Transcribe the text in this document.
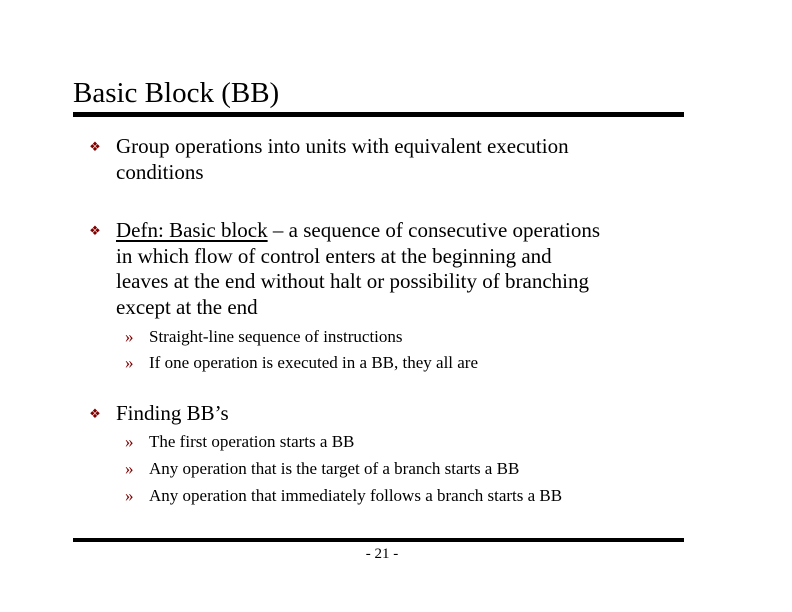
Basic Block (BB)
❖ Group operations into units with equivalent execution
conditions
❖ Defn: Basic block – a sequence of consecutive operations
in which flow of control enters at the beginning and
leaves at the end without halt or possibility of branching
except at the end
» Straight-line sequence of instructions
» If one operation is executed in a BB, they all are
❖ Finding BB’s
» The first operation starts a BB
» Any operation that is the target of a branch starts a BB
» Any operation that immediately follows a branch starts a BB
- 21 -
